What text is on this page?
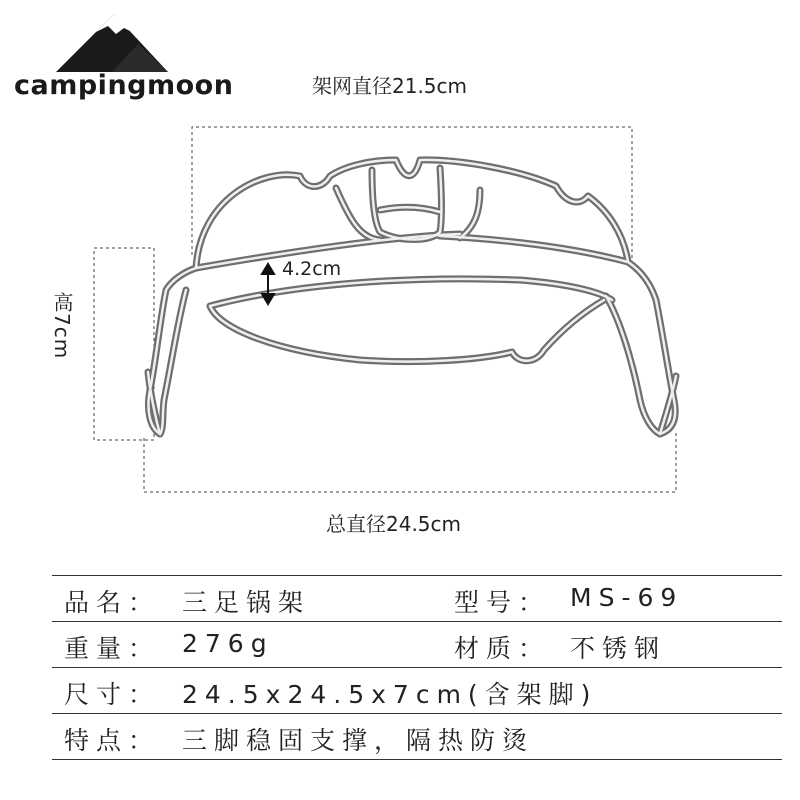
campingmoon	架网直径21.5cm
高7cm
4.2cm
总直径24.5cm
品名： 三足锅架	型号： MS-69
重量： 276g	材质： 不锈钢
尺寸： 24.5x24.5x7cm(含架脚)
特点： 三脚稳固支撑，隔热防烫
